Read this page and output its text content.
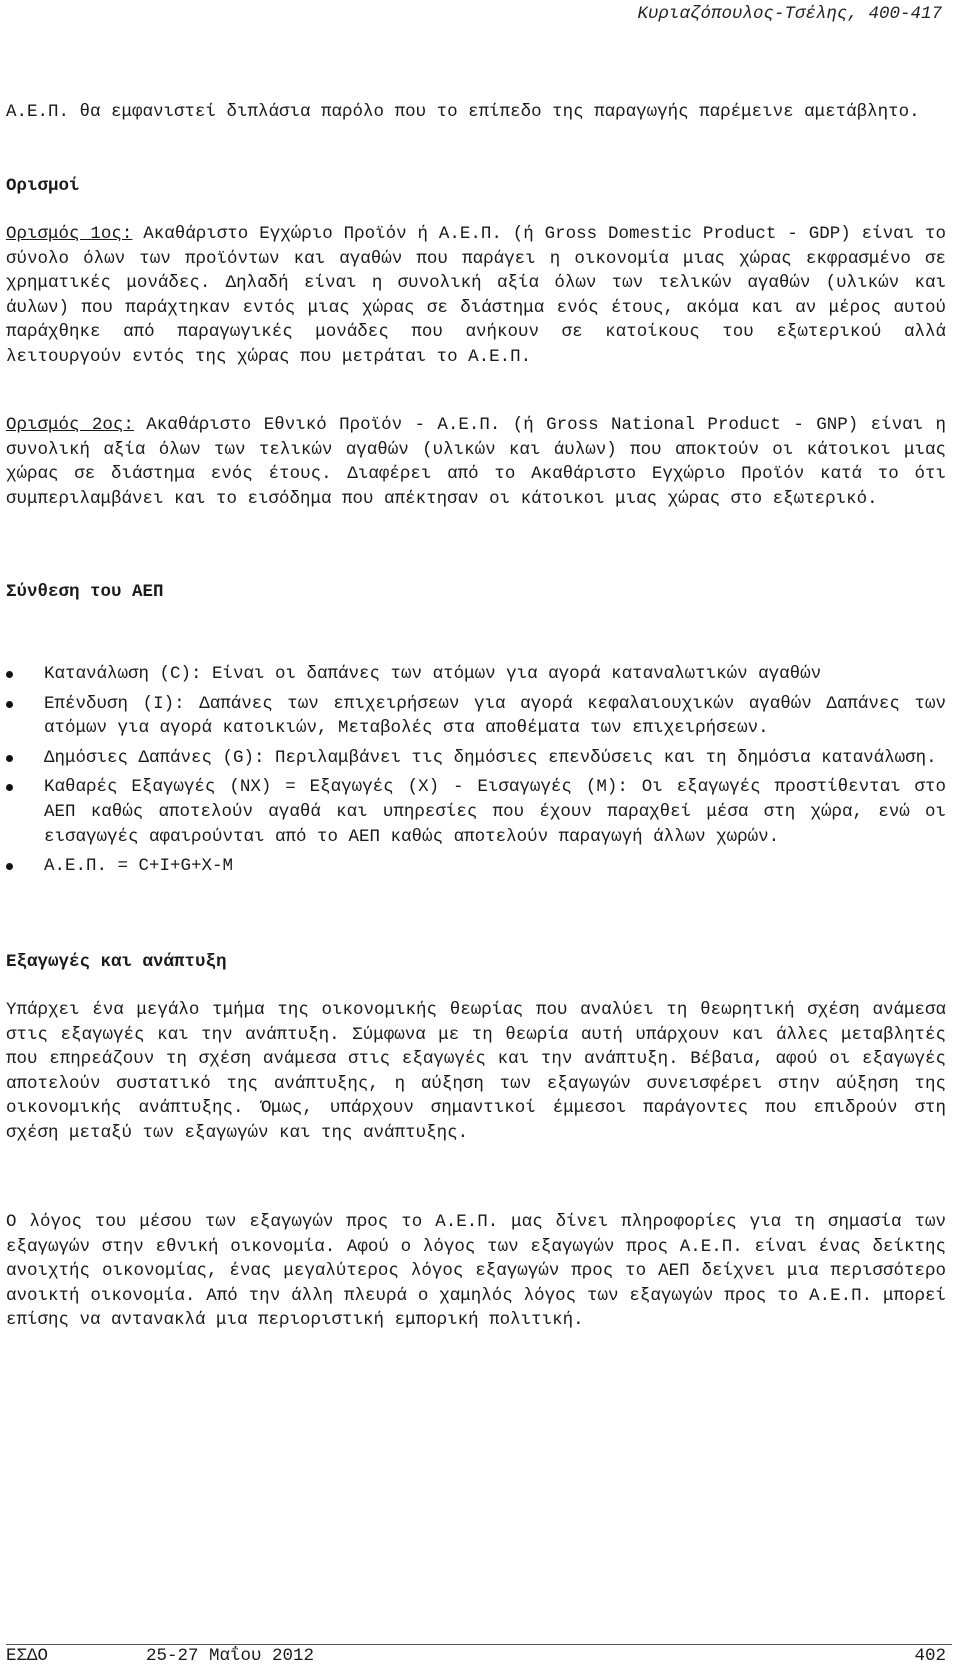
Κυριαζόπουλος-Τσέλης, 400-417

Α.Ε.Π. θα εμφανιστεί διπλάσια παρόλο που το επίπεδο της παραγωγής παρέμεινε αμετάβλητο.

Ορισμοί

Ορισμός 1ος: Ακαθάριστο Εγχώριο Προϊόν ή Α.Ε.Π. (ή Gross Domestic Product - GDP) είναι το σύνολο όλων των προϊόντων και αγαθών που παράγει η οικονομία μιας χώρας εκφρασμένο σε χρηματικές μονάδες. Δηλαδή είναι η συνολική αξία όλων των τελικών αγαθών (υλικών και άυλων) που παράχτηκαν εντός μιας χώρας σε διάστημα ενός έτους, ακόμα και αν μέρος αυτού παράχθηκε από παραγωγικές μονάδες που ανήκουν σε κατοίκους του εξωτερικού αλλά λειτουργούν εντός της χώρας που μετράται το Α.Ε.Π.

Ορισμός 2ος: Ακαθάριστο Εθνικό Προϊόν - Α.Ε.Π. (ή Gross National Product - GNP) είναι η συνολική αξία όλων των τελικών αγαθών (υλικών και άυλων) που αποκτούν οι κάτοικοι μιας χώρας σε διάστημα ενός έτους. Διαφέρει από το Ακαθάριστο Εγχώριο Προϊόν κατά το ότι συμπεριλαμβάνει και το εισόδημα που απέκτησαν οι κάτοικοι μιας χώρας στο εξωτερικό.

Σύνθεση του ΑΕΠ

Κατανάλωση (C): Είναι οι δαπάνες των ατόμων για αγορά καταναλωτικών αγαθών
Επένδυση (Ι): Δαπάνες των επιχειρήσεων για αγορά κεφαλαιουχικών αγαθών Δαπάνες των ατόμων για αγορά κατοικιών, Μεταβολές στα αποθέματα των επιχειρήσεων.
Δημόσιες Δαπάνες (G): Περιλαμβάνει τις δημόσιες επενδύσεις και τη δημόσια κατανάλωση.
Καθαρές Εξαγωγές (ΝΧ) = Εξαγωγές (Χ) - Εισαγωγές (Μ): Οι εξαγωγές προστίθενται στο ΑΕΠ καθώς αποτελούν αγαθά και υπηρεσίες που έχουν παραχθεί μέσα στη χώρα, ενώ οι εισαγωγές αφαιρούνται από το ΑΕΠ καθώς αποτελούν παραγωγή άλλων χωρών.
Α.Ε.Π. = C+I+G+X-M

Εξαγωγές και ανάπτυξη

Υπάρχει ένα μεγάλο τμήμα της οικονομικής θεωρίας που αναλύει τη θεωρητική σχέση ανάμεσα στις εξαγωγές και την ανάπτυξη. Σύμφωνα με τη θεωρία αυτή υπάρχουν και άλλες μεταβλητές που επηρεάζουν τη σχέση ανάμεσα στις εξαγωγές και την ανάπτυξη. Βέβαια, αφού οι εξαγωγές αποτελούν συστατικό της ανάπτυξης, η αύξηση των εξαγωγών συνεισφέρει στην αύξηση της οικονομικής ανάπτυξης. Όμως, υπάρχουν σημαντικοί έμμεσοι παράγοντες που επιδρούν στη σχέση μεταξύ των εξαγωγών και της ανάπτυξης.

Ο λόγος του μέσου των εξαγωγών προς το Α.Ε.Π. μας δίνει πληροφορίες για τη σημασία των εξαγωγών στην εθνική οικονομία. Αφού ο λόγος των εξαγωγών προς Α.Ε.Π. είναι ένας δείκτης ανοιχτής οικονομίας, ένας μεγαλύτερος λόγος εξαγωγών προς το ΑΕΠ δείχνει μια περισσότερο ανοικτή οικονομία. Από την άλλη πλευρά ο χαμηλός λόγος των εξαγωγών προς το Α.Ε.Π. μπορεί επίσης να αντανακλά μια περιοριστική εμπορική πολιτική.

ΕΣΔΟ	25-27 Μαΐου 2012	402
